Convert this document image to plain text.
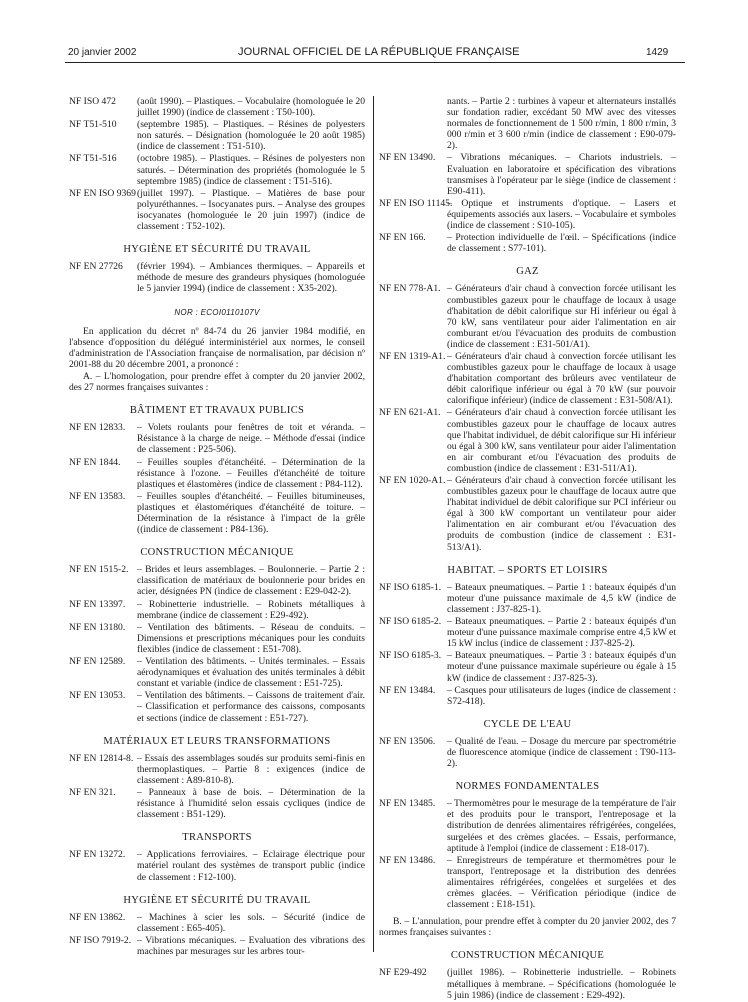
20 janvier 2002	JOURNAL OFFICIEL DE LA RÉPUBLIQUE FRANÇAISE	1429
NF ISO 472 (août 1990). – Plastiques. – Vocabulaire (homologuée le 20 juillet 1990) (indice de classement : T50-100).
NF T51-510 (septembre 1985). – Plastiques. – Résines de polyesters non saturés. – Désignation (homologuée le 20 août 1985) (indice de classement : T51-510).
NF T51-516 (octobre 1985). – Plastiques. – Résines de polyesters non saturés. – Détermination des propriétés (homologuée le 5 septembre 1985) (indice de classement : T51-516).
NF EN ISO 9369 (juillet 1997). – Plastique. – Matières de base pour polyuréthannes. – Isocyanates purs. – Analyse des groupes isocyanates (homologuée le 20 juin 1997) (indice de classement : T52-102).
HYGIÈNE ET SÉCURITÉ DU TRAVAIL
NF EN 27726 (février 1994). – Ambiances thermiques. – Appareils et méthode de mesure des grandeurs physiques (homologuée le 5 janvier 1994) (indice de classement : X35-202).
NOR : ECOI0110107V
En application du décret nº 84-74 du 26 janvier 1984 modifié, en l'absence d'opposition du délégué interministériel aux normes, le conseil d'administration de l'Association française de normalisation, par décision nº 2001-88 du 20 décembre 2001, a prononcé :
A. – L'homologation, pour prendre effet à compter du 20 janvier 2002, des 27 normes françaises suivantes :
BÂTIMENT ET TRAVAUX PUBLICS
NF EN 12833. – Volets roulants pour fenêtres de toit et véranda. – Résistance à la charge de neige. – Méthode d'essai (indice de classement : P25-506).
NF EN 1844. – Feuilles souples d'étanchéité. – Détermination de la résistance à l'ozone. – Feuilles d'étanchéité de toiture plastiques et élastomères (indice de classement : P84-112).
NF EN 13583. – Feuilles souples d'étanchéité. – Feuilles bitumineuses, plastiques et élastomériques d'étanchéité de toiture. – Détermination de la résistance à l'impact de la grêle ((indice de classement : P84-136).
CONSTRUCTION MÉCANIQUE
NF EN 1515-2. – Brides et leurs assemblages. – Boulonnerie. – Partie 2 : classification de matériaux de boulonnerie pour brides en acier, désignées PN (indice de classement : E29-042-2).
NF EN 13397. – Robinetterie industrielle. – Robinets métalliques à membrane (indice de classement : E29-492).
NF EN 13180. – Ventilation des bâtiments. – Réseau de conduits. – Dimensions et prescriptions mécaniques pour les conduits flexibles (indice de classement : E51-708).
NF EN 12589. – Ventilation des bâtiments. – Unités terminales. – Essais aérodynamiques et évaluation des unités terminales à débit constant et variable (indice de classement : E51-725).
NF EN 13053. – Ventilation des bâtiments. – Caissons de traitement d'air. – Classification et performance des caissons, composants et sections (indice de classement : E51-727).
MATÉRIAUX ET LEURS TRANSFORMATIONS
NF EN 12814-8. – Essais des assemblages soudés sur produits semi-finis en thermoplastiques. – Partie 8 : exigences (indice de classement : A89-810-8).
NF EN 321. – Panneaux à base de bois. – Détermination de la résistance à l'humidité selon essais cycliques (indice de classement : B51-129).
TRANSPORTS
NF EN 13272. – Applications ferroviaires. – Eclairage électrique pour matériel roulant des systèmes de transport public (indice de classement : F12-100).
HYGIÈNE ET SÉCURITÉ DU TRAVAIL
NF EN 13862. – Machines à scier les sols. – Sécurité (indice de classement : E65-405).
NF ISO 7919-2. – Vibrations mécaniques. – Evaluation des vibrations des machines par mesurages sur les arbres tour-
nants. – Partie 2 : turbines à vapeur et alternateurs installés sur fondation radier, excédant 50 MW avec des vitesses normales de fonctionnement de 1 500 r/min, 1 800 r/min, 3 000 r/min et 3 600 r/min (indice de classement : E90-079-2).
NF EN 13490. – Vibrations mécaniques. – Chariots industriels. – Evaluation en laboratoire et spécification des vibrations transmises à l'opérateur par le siège (indice de classement : E90-411).
NF EN ISO 11145.
– Optique et instruments d'optique. – Lasers et équipements associés aux lasers. – Vocabulaire et symboles (indice de classement : S10-105).
NF EN 166. – Protection individuelle de l'œil. – Spécifications (indice de classement : S77-101).
GAZ
NF EN 778-A1. – Générateurs d'air chaud à convection forcée utilisant les combustibles gazeux pour le chauffage de locaux à usage d'habitation de débit calorifique sur Hi inférieur ou égal à 70 kW, sans ventilateur pour aider l'alimentation en air comburant et/ou l'évacuation des produits de combustion (indice de classement : E31-501/A1).
NF EN 1319-A1. – Générateurs d'air chaud à convection forcée utilisant les combustibles gazeux pour le chauffage de locaux à usage d'habitation comportant des brûleurs avec ventilateur de débit calorifique inférieur ou égal à 70 kW (sur pouvoir calorifique inférieur) (indice de classement : E31-508/A1).
NF EN 621-A1. – Générateurs d'air chaud à convection forcée utilisant les combustibles gazeux pour le chauffage de locaux autres que l'habitat individuel, de débit calorifique sur Hi inférieur ou égal à 300 kW, sans ventilateur pour aider l'alimentation en air comburant et/ou l'évacuation des produits de combustion (indice de classement : E31-511/A1).
NF EN 1020-A1. – Générateurs d'air chaud à convection forcée utilisant les combustibles gazeux pour le chauffage de locaux autre que l'habitat individuel de débit calorifique sur PCI inférieur ou égal à 300 kW comportant un ventilateur pour aider l'alimentation en air comburant et/ou l'évacuation des produits de combustion (indice de classement : E31-513/A1).
HABITAT. – SPORTS ET LOISIRS
NF ISO 6185-1. – Bateaux pneumatiques. – Partie 1 : bateaux équipés d'un moteur d'une puissance maximale de 4,5 kW (indice de classement : J37-825-1).
NF ISO 6185-2. – Bateaux pneumatiques. – Partie 2 : bateaux équipés d'un moteur d'une puissance maximale comprise entre 4,5 kW et 15 kW inclus (indice de classement : J37-825-2).
NF ISO 6185-3. – Bateaux pneumatiques. – Partie 3 : bateaux équipés d'un moteur d'une puissance maximale supérieure ou égale à 15 kW (indice de classement : J37-825-3).
NF EN 13484. – Casques pour utilisateurs de luges (indice de classement : S72-418).
CYCLE DE L'EAU
NF EN 13506. – Qualité de l'eau. – Dosage du mercure par spectrométrie de fluorescence atomique (indice de classement : T90-113-2).
NORMES FONDAMENTALES
NF EN 13485. – Thermomètres pour le mesurage de la température de l'air et des produits pour le transport, l'entreposage et la distribution de denrées alimentaires réfrigérées, congelées, surgelées et des crèmes glacées. – Essais, performance, aptitude à l'emploi (indice de classement : E18-017).
NF EN 13486. – Enregistreurs de température et thermomètres pour le transport, l'entreposage et la distribution des denrées alimentaires réfrigérées, congelées et surgelées et des crèmes glacées. – Vérification périodique (indice de classement : E18-151).
B. – L'annulation, pour prendre effet à compter du 20 janvier 2002, des 7 normes françaises suivantes :
CONSTRUCTION MÉCANIQUE
NF E29-492 (juillet 1986). – Robinetterie industrielle. – Robinets métalliques à membrane. – Spécifications (homologuée le 5 juin 1986) (indice de classement : E29-492).
